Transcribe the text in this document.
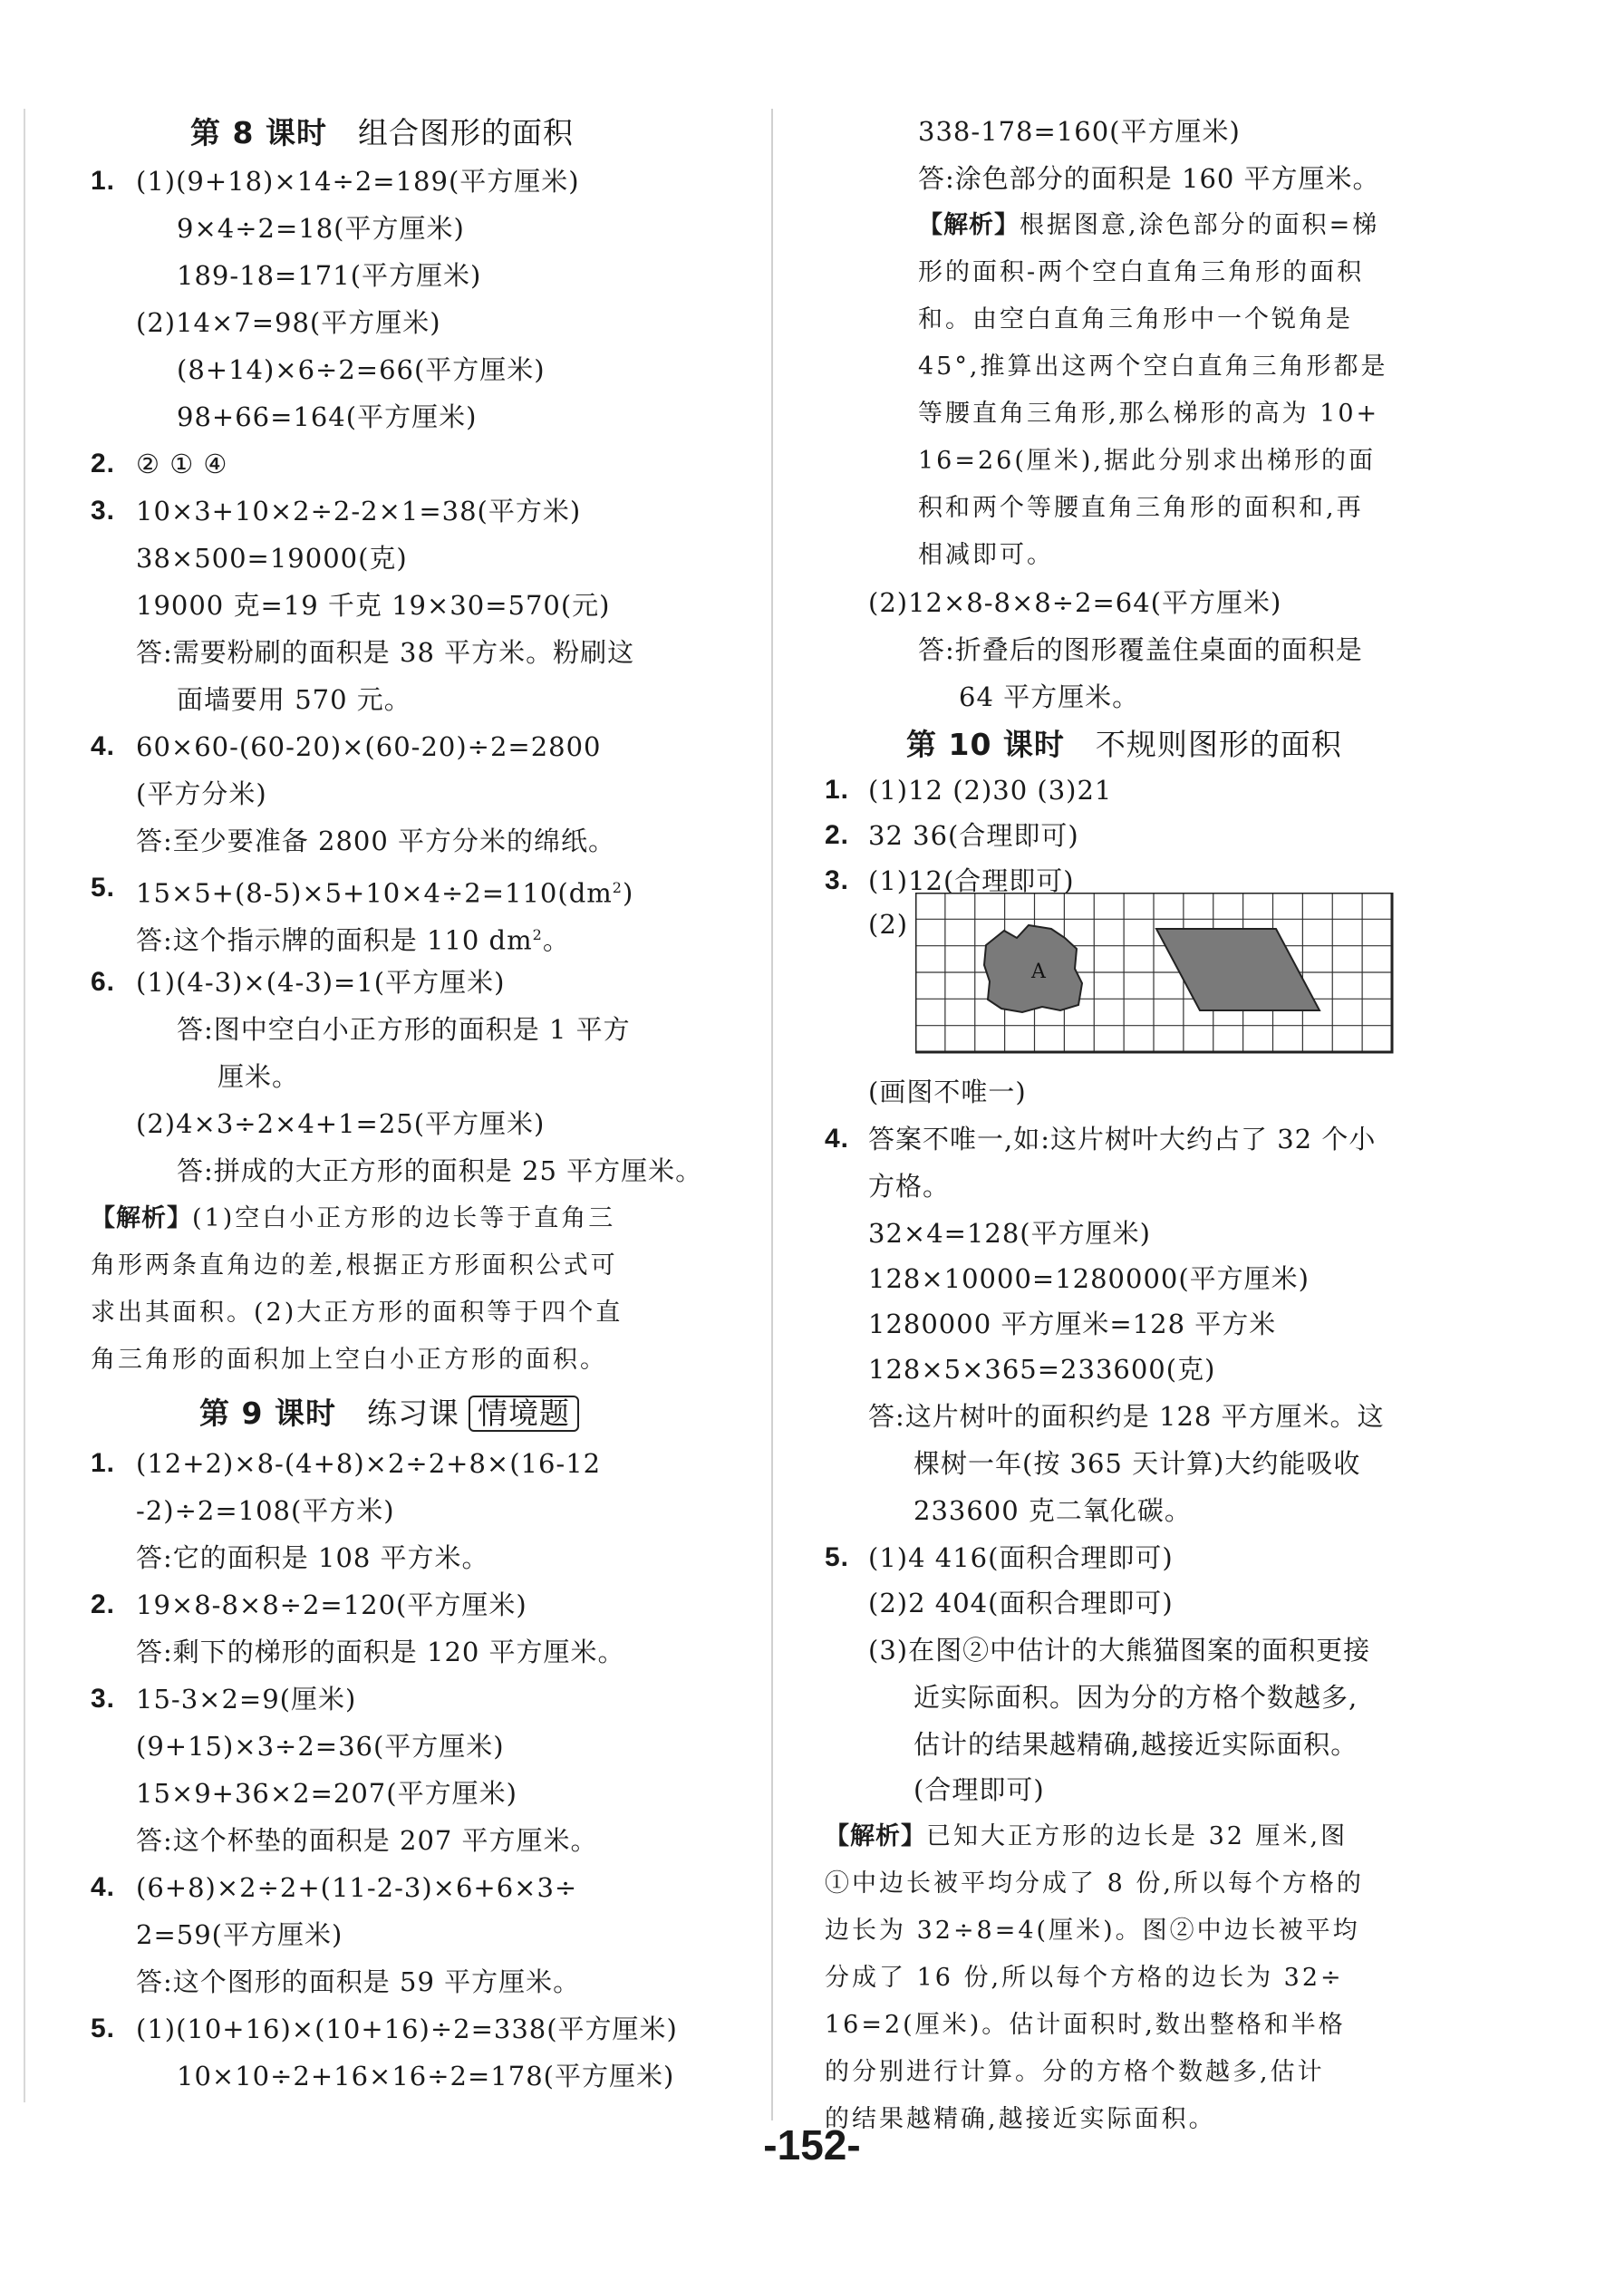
第 8 课时 组合图形的面积
1. (1)(9+18)×14÷2=189(平方厘米)
9×4÷2=18(平方厘米)
189-18=171(平方厘米)
(2)14×7=98(平方厘米)
(8+14)×6÷2=66(平方厘米)
98+66=164(平方厘米)
2. ② ① ④
3. 10×3+10×2÷2-2×1=38(平方米)
38×500=19000(克)
19000 克=19 千克 19×30=570(元)
答:需要粉刷的面积是 38 平方米。粉刷这
面墙要用 570 元。
4. 60×60-(60-20)×(60-20)÷2=2800
(平方分米)
答:至少要准备 2800 平方分米的绵纸。
5. $15\times 5+(8-5)\times 5+10\times 4\div 2=110(dm^2)$
答:这个指示牌的面积是 110 $dm^2$。
6. (1)(4-3)×(4-3)=1(平方厘米)
答:图中空白小正方形的面积是 1 平方
厘米。
(2)4×3÷2×4+1=25(平方厘米)
答:拼成的大正方形的面积是 25 平方厘米。
【解析】(1)空白小正方形的边长等于直角三
角形两条直角边的差,根据正方形面积公式可
求出其面积。(2)大正方形的面积等于四个直
角三角形的面积加上空白小正方形的面积。
第 9 课时 练习课 情境题
1. (12+2)×8-(4+8)×2÷2+8×(16-12
-2)÷2=108(平方米)
答:它的面积是 108 平方米。
2. 19×8-8×8÷2=120(平方厘米)
答:剩下的梯形的面积是 120 平方厘米。
3. 15-3×2=9(厘米)
(9+15)×3÷2=36(平方厘米)
15×9+36×2=207(平方厘米)
答:这个杯垫的面积是 207 平方厘米。
4. (6+8)×2÷2+(11-2-3)×6+6×3÷
2=59(平方厘米)
答:这个图形的面积是 59 平方厘米。
5. (1)(10+16)×(10+16)÷2=338(平方厘米)
10×10÷2+16×16÷2=178(平方厘米)
338-178=160(平方厘米)
答:涂色部分的面积是 160 平方厘米。
【解析】根据图意,涂色部分的面积=梯
形的面积-两个空白直角三角形的面积
和。由空白直角三角形中一个锐角是
45°,推算出这两个空白直角三角形都是
等腰直角三角形,那么梯形的高为 10+
16=26(厘米),据此分别求出梯形的面
积和两个等腰直角三角形的面积和,再
相减即可。
(2)12×8-8×8÷2=64(平方厘米)
答:折叠后的图形覆盖住桌面的面积是
64 平方厘米。
第 10 课时 不规则图形的面积
1. (1)12 (2)30 (3)21
2. 32 36(合理即可)
3. (1)12(合理即可)
(2)
(画图不唯一)
4. 答案不唯一,如:这片树叶大约占了 32 个小
方格。
32×4=128(平方厘米)
128×10000=1280000(平方厘米)
1280000 平方厘米=128 平方米
128×5×365=233600(克)
答:这片树叶的面积约是 128 平方厘米。这
棵树一年(按 365 天计算)大约能吸收
233600 克二氧化碳。
5. (1)4 416(面积合理即可)
(2)2 404(面积合理即可)
(3)在图②中估计的大熊猫图案的面积更接
近实际面积。因为分的方格个数越多,
估计的结果越精确,越接近实际面积。
(合理即可)
【解析】已知大正方形的边长是 32 厘米,图
①中边长被平均分成了 8 份,所以每个方格的
边长为 32÷8=4(厘米)。图②中边长被平均
分成了 16 份,所以每个方格的边长为 32÷
16=2(厘米)。估计面积时,数出整格和半格
的分别进行计算。分的方格个数越多,估计
的结果越精确,越接近实际面积。
A
-152-
